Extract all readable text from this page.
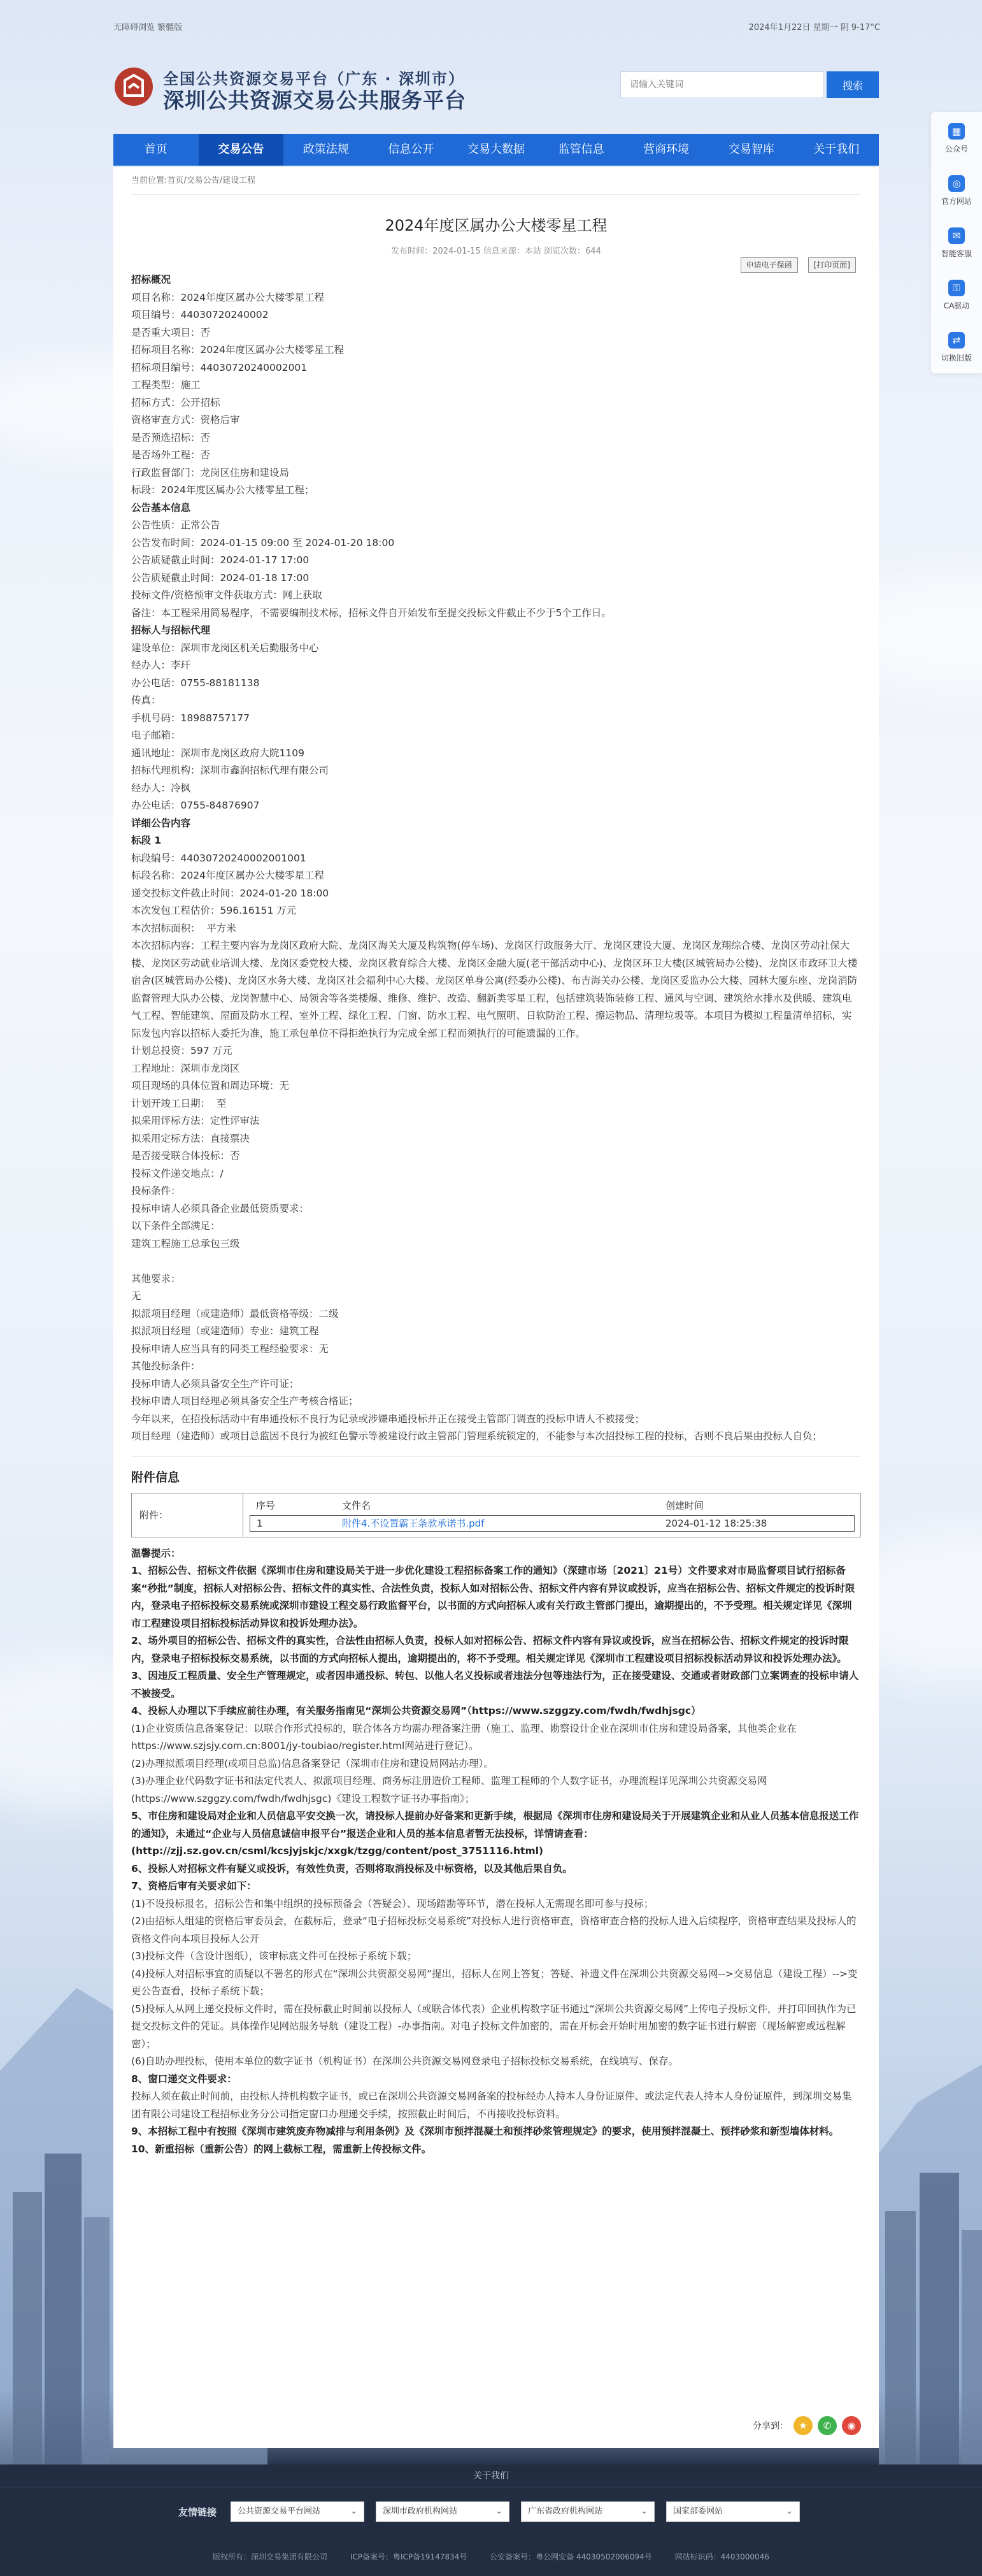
无障碍浏览 繁體版	2024年1月22日 星期一 阴 9-17°C
全国公共资源交易平台（广东 · 深圳市）
深圳公共资源交易公共服务平台
请输入关键词
搜索
首页	交易公告	政策法规	信息公开	交易大数据	监管信息	营商环境	交易智库	关于我们
当前位置:首页/交易公告/建设工程
2024年度区属办公大楼零星工程
发布时间：2024-01-15 信息来源：本站 浏览次数：644
申请电子保函	[打印页面]
招标概况
项目名称：2024年度区属办公大楼零星工程
项目编号：44030720240002
是否重大项目：否
招标项目名称：2024年度区属办公大楼零星工程
招标项目编号：44030720240002001
工程类型：施工
招标方式：公开招标
资格审查方式：资格后审
是否预选招标：否
是否场外工程：否
行政监督部门：龙岗区住房和建设局
标段：2024年度区属办公大楼零星工程；
公告基本信息
公告性质：正常公告
公告发布时间：2024-01-15 09:00 至 2024-01-20 18:00
公告质疑截止时间：2024-01-17 17:00
公告质疑截止时间：2024-01-18 17:00
投标文件/资格预审文件获取方式：网上获取
备注：本工程采用简易程序，不需要编制技术标，招标文件自开始发布至提交投标文件截止不少于5个工作日。
招标人与招标代理
建设单位：深圳市龙岗区机关后勤服务中心
经办人：李玕
办公电话：0755-88181138
传真：
手机号码：18988757177
电子邮箱：
通讯地址：深圳市龙岗区政府大院1109
招标代理机构：深圳市鑫润招标代理有限公司
经办人：冷枫
办公电话：0755-84876907
详细公告内容
标段 1
标段编号：44030720240002001001
标段名称：2024年度区属办公大楼零星工程
递交投标文件截止时间：2024-01-20 18:00
本次发包工程估价：596.16151 万元
本次招标面积：  平方米
本次招标内容：工程主要内容为龙岗区政府大院、龙岗区海关大厦及构筑物(停车场)、龙岗区行政服务大厅、龙岗区建设大厦、龙岗区龙翔综合楼、龙岗区劳动社保大楼、龙岗区劳动就业培训大楼、龙岗区委党校大楼、龙岗区教育综合大楼、龙岗区金融大厦(老干部活动中心)、龙岗区环卫大楼(区城管局办公楼)、龙岗区市政环卫大楼宿舍(区城管局办公楼)、龙岗区水务大楼、龙岗区社会福利中心大楼、龙岗区单身公寓(经委办公楼)、布吉海关办公楼、龙岗区妥监办公大楼、园林大厦东座、龙岗消防监督管理大队办公楼、龙岗智慧中心、局领舍等各类楼爆、维修、维护、改造、翻新类零星工程，包括建筑装饰装修工程、通风与空调、建筑给水排水及供暖、建筑电气工程、智能建筑、屋面及防水工程、室外工程、绿化工程、门窗、防水工程、电气照明、日软防治工程、擦运物品、清理垃圾等。本项目为模拟工程量清单招标，实际发包内容以招标人委托为准，施工承包单位不得拒绝执行为完成全部工程而须执行的可能遗漏的工作。
计划总投资：597 万元
工程地址：深圳市龙岗区
项目现场的具体位置和周边环境：无
计划开竣工日期：  至
拟采用评标方法：定性评审法
拟采用定标方法：直接票决
是否接受联合体投标：否
投标文件递交地点：/
投标条件：
投标申请人必须具备企业最低资质要求：
以下条件全部满足：
建筑工程施工总承包三级

其他要求：
无
拟派项目经理（或建造师）最低资格等级：二级
拟派项目经理（或建造师）专业：建筑工程
投标申请人应当具有的同类工程经验要求：无
其他投标条件：
投标申请人必须具备安全生产许可证；
投标申请人项目经理必须具备安全生产考核合格证；
今年以来，在招投标活动中有串通投标不良行为记录或涉嫌串通投标并正在接受主管部门调查的投标申请人不被接受；
项目经理（建造师）或项目总监因不良行为被红色警示等被建设行政主管部门管理系统锁定的，不能参与本次招投标工程的投标，否则不良后果由投标人自负；
附件信息
附件：
序号	文件名	创建时间
1	附件4.不设置霸王条款承诺书.pdf	2024-01-12 18:25:38
温馨提示：
1、招标公告、招标文件依据《深圳市住房和建设局关于进一步优化建设工程招标备案工作的通知》（深建市场〔2021〕21号）文件要求对市局监督项目试行招标备案“秒批”制度，招标人对招标公告、招标文件的真实性、合法性负责，投标人如对招标公告、招标文件内容有异议或投诉，应当在招标公告、招标文件规定的投诉时限内，登录电子招标投标交易系统或深圳市建设工程交易行政监督平台，以书面的方式向招标人或有关行政主管部门提出，逾期提出的，不予受理。相关规定详见《深圳市工程建设项目招标投标活动异议和投诉处理办法》。
2、场外项目的招标公告、招标文件的真实性，合法性由招标人负责，投标人如对招标公告、招标文件内容有异议或投诉，应当在招标公告、招标文件规定的投诉时限内，登录电子招标投标交易系统，以书面的方式向招标人提出，逾期提出的，将不予受理。相关规定详见《深圳市工程建设项目招标投标活动异议和投诉处理办法》。
3、因违反工程质量、安全生产管理规定，或者因串通投标、转包、以他人名义投标或者违法分包等违法行为，正在接受建设、交通或者财政部门立案调查的投标申请人不被接受。
4、投标人办理以下手续应前往办理，有关服务指南见“深圳公共资源交易网”（https://www.szggzy.com/fwdh/fwdhjsgc）
(1)企业资质信息备案登记：以联合作形式投标的，联合体各方均需办理备案注册（施工、监理、勘察设计企业在深圳市住房和建设局备案，其他类企业在https://www.szjsjy.com.cn:8001/jy-toubiao/register.html网站进行登记）。
(2)办理拟派项目经理(或项目总监)信息备案登记（深圳市住房和建设局网站办理）。
(3)办理企业代码数字证书和法定代表人、拟派项目经理、商务标注册造价工程师、监理工程师的个人数字证书，办理流程详见深圳公共资源交易网(https://www.szggzy.com/fwdh/fwdhjsgc)《建设工程数字证书办事指南》；
5、市住房和建设局对企业和人员信息平安交换一次，请投标人提前办好备案和更新手续，根据局《深圳市住房和建设局关于开展建筑企业和从业人员基本信息报送工作的通知》，未通过“企业与人员信息诚信申报平台”报送企业和人员的基本信息者暂无法投标，详情请查看：(http://zjj.sz.gov.cn/csml/kcsjyjskjc/xxgk/tzgg/content/post_3751116.html)
6、投标人对招标文件有疑义或投诉，有效性负责，否则将取消投标及中标资格，以及其他后果自负。
7、资格后审有关要求如下：
(1)不设投标报名，招标公告和集中组织的投标预备会（答疑会）、现场踏勘等环节，潜在投标人无需现名即可参与投标；
(2)由招标人组建的资格后审委员会，在截标后，登录“电子招标投标交易系统”对投标人进行资格审查，资格审查合格的投标人进入后续程序，资格审查结果及投标人的资格文件向本项目投标人公开
(3)投标文件（含设计图纸），该审标底文件可在投标子系统下载；
(4)投标人对招标事宜的质疑以不署名的形式在“深圳公共资源交易网”提出，招标人在网上答复；答疑、补遗文件在深圳公共资源交易网-->交易信息（建设工程）-->变更公告查看，投标子系统下载；
(5)投标人从网上递交投标文件时，需在投标截止时间前以投标人（或联合体代表）企业机构数字证书通过“深圳公共资源交易网”上传电子投标文件，并打印回执作为已提交投标文件的凭证。具体操作见网站服务导航（建设工程）-办事指南。对电子投标文件加密的，需在开标会开始时用加密的数字证书进行解密（现场解密或远程解密）；
(6)自助办理投标，使用本单位的数字证书（机构证书）在深圳公共资源交易网登录电子招标投标交易系统，在线填写、保存。
8、窗口递交文件要求：
投标人须在截止时间前，由投标人持机构数字证书，或已在深圳公共资源交易网备案的投标经办人持本人身份证原件、或法定代表人持本人身份证原件，到深圳交易集团有限公司建设工程招标业务分公司指定窗口办理递交手续，按照截止时间后，不再接收投标资料。
9、本招标工程中有按照《深圳市建筑废弃物减排与利用条例》及《深圳市预拌混凝土和预拌砂浆管理规定》的要求，使用预拌混凝土、预拌砂浆和新型墙体材料。
10、新重招标（重新公告）的网上截标工程，需重新上传投标文件。
分享到：	★	✆	◉
▦
公众号
◎
官方网站
✉
智能客服
⚿
CA驱动
⇄
切换旧版
关于我们
友情链接	公共资源交易平台网站	⌄	深圳市政府机构网站	⌄	广东省政府机构网站	⌄	国家部委网站	⌄
版权所有：深圳交易集团有限公司	ICP备案号：粤ICP备19147834号	公安备案号：粤公网安备 44030502006094号	网站标识码：4403000046
